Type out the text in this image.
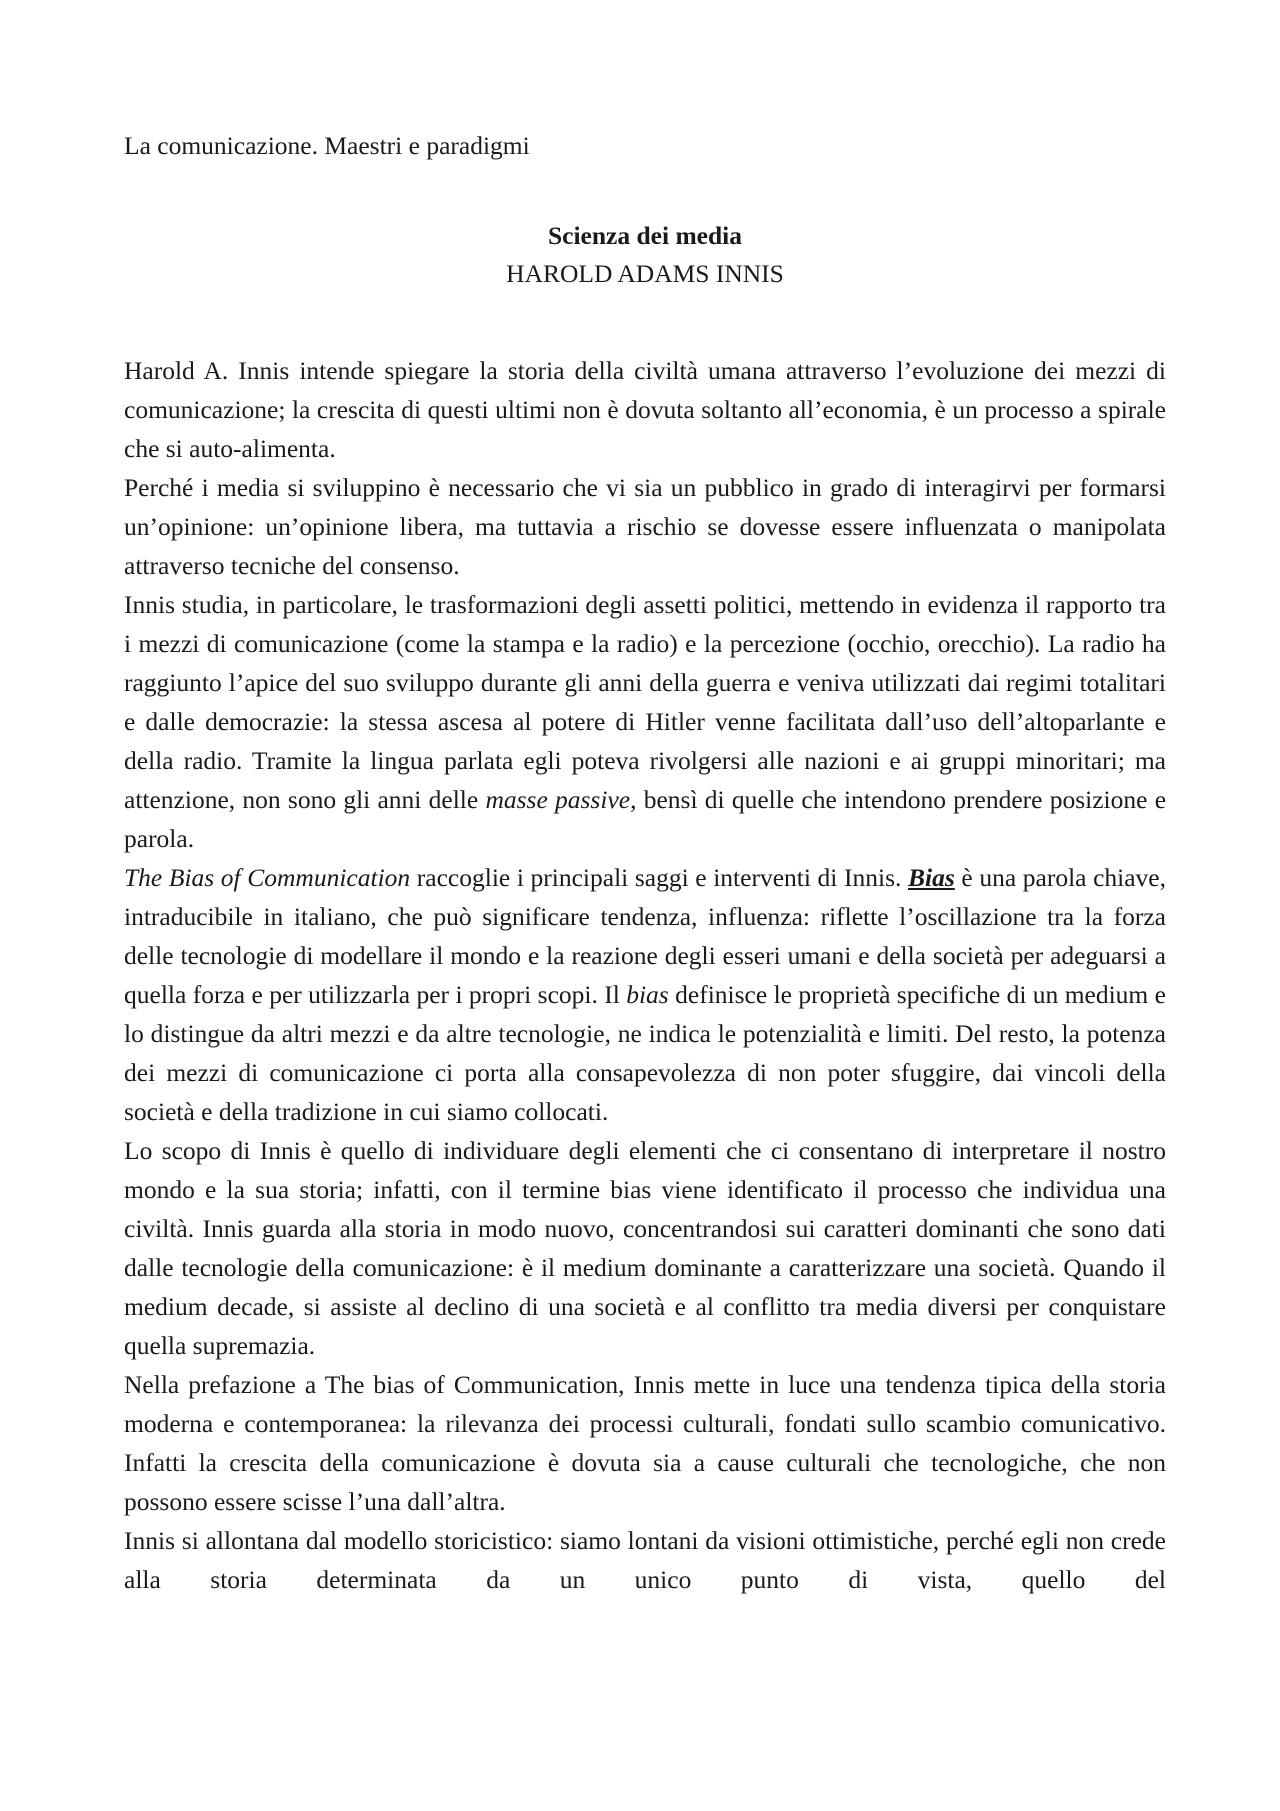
La comunicazione. Maestri e paradigmi

Scienza dei media

HAROLD ADAMS INNIS

Harold A. Innis intende spiegare la storia della civiltà umana attraverso l’evoluzione dei mezzi di comunicazione; la crescita di questi ultimi non è dovuta soltanto all’economia, è un processo a spirale che si auto-alimenta.

Perché i media si sviluppino è necessario che vi sia un pubblico in grado di interagirvi per formarsi un’opinione: un’opinione libera, ma tuttavia a rischio se dovesse essere influenzata o manipolata attraverso tecniche del consenso.

Innis studia, in particolare, le trasformazioni degli assetti politici, mettendo in evidenza il rapporto tra i mezzi di comunicazione (come la stampa e la radio) e la percezione (occhio, orecchio). La radio ha raggiunto l’apice del suo sviluppo durante gli anni della guerra e veniva utilizzati dai regimi totalitari e dalle democrazie: la stessa ascesa al potere di Hitler venne facilitata dall’uso dell’altoparlante e della radio. Tramite la lingua parlata egli poteva rivolgersi alle nazioni e ai gruppi minoritari; ma attenzione, non sono gli anni delle masse passive, bensì di quelle che intendono prendere posizione e parola.

The Bias of Communication raccoglie i principali saggi e interventi di Innis. Bias è una parola chiave, intraducibile in italiano, che può significare tendenza, influenza: riflette l’oscillazione tra la forza delle tecnologie di modellare il mondo e la reazione degli esseri umani e della società per adeguarsi a quella forza e per utilizzarla per i propri scopi. Il bias definisce le proprietà specifiche di un medium e lo distingue da altri mezzi e da altre tecnologie, ne indica le potenzialità e limiti. Del resto, la potenza dei mezzi di comunicazione ci porta alla consapevolezza di non poter sfuggire, dai vincoli della società e della tradizione in cui siamo collocati.

Lo scopo di Innis è quello di individuare degli elementi che ci consentano di interpretare il nostro mondo e la sua storia; infatti, con il termine bias viene identificato il processo che individua una civiltà. Innis guarda alla storia in modo nuovo, concentrandosi sui caratteri dominanti che sono dati dalle tecnologie della comunicazione: è il medium dominante a caratterizzare una società. Quando il medium decade, si assiste al declino di una società e al conflitto tra media diversi per conquistare quella supremazia.

Nella prefazione a The bias of Communication, Innis mette in luce una tendenza tipica della storia moderna e contemporanea: la rilevanza dei processi culturali, fondati sullo scambio comunicativo. Infatti la crescita della comunicazione è dovuta sia a cause culturali che tecnologiche, che non possono essere scisse l’una dall’altra.

Innis si allontana dal modello storicistico: siamo lontani da visioni ottimistiche, perché egli non crede alla storia determinata da un unico punto di vista, quello del
